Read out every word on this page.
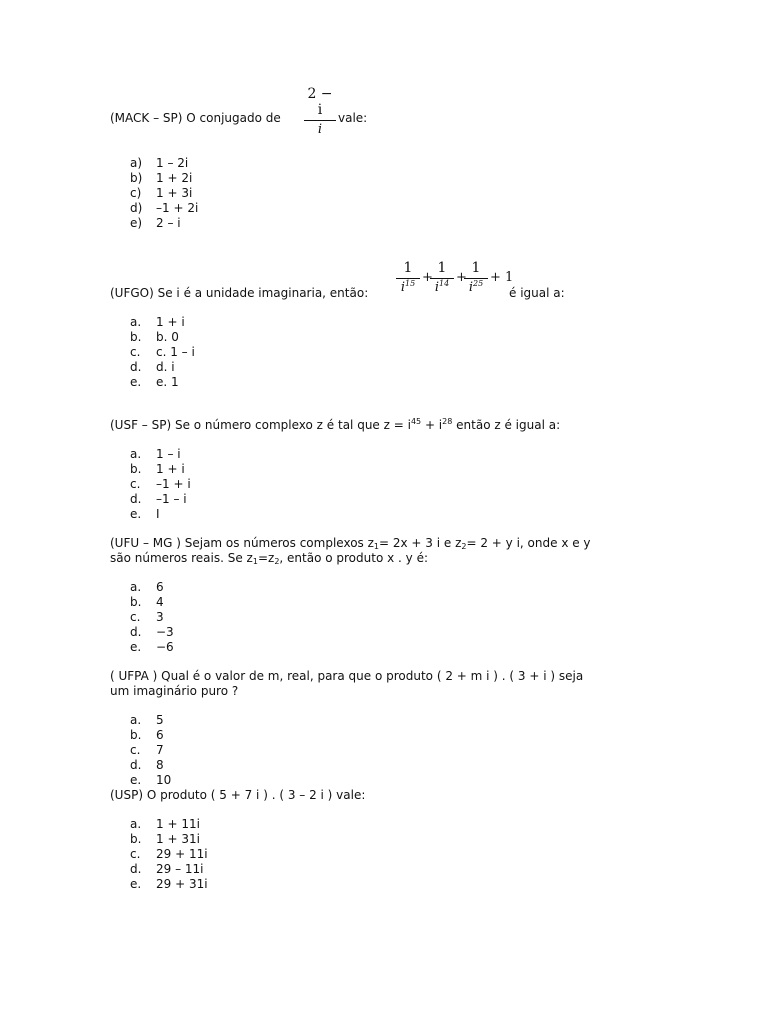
(MACK – SP) O conjugado de
2 − i
i
vale:
a) 1 – 2i
b) 1 + 2i
c) 1 + 3i
d) –1 + 2i
e) 2 – i
(UFGO) Se i é a unidade imaginaria, então:
1
$i^{15}$ +
1
$i^{14}$ +
1
$i^{25} + 1$
é igual a:
a. 1 + i
b. b. 0
c. c. 1 – i
d. d. i
e. e. 1
(USF – SP) Se o número complexo z é tal que $z = i^{45} + i^{28}$ então z é igual a:
a. 1 – i
b. 1 + i
c. –1 + i
d. –1 – i
e. I
(UFU – MG ) Sejam os números complexos $z_1= 2x + 3$ i e $z_2= 2 + y$ i, onde x e y
são números reais. Se $z_1=z_2$, então o produto x . y é:
a. 6
b. 4
c. 3
d. −3
e. −6
( UFPA ) Qual é o valor de m, real, para que o produto ( 2 + m i ) . ( 3 + i ) seja
um imaginário puro ?
a. 5
b. 6
c. 7
d. 8
e. 10
(USP) O produto ( 5 + 7 i ) . ( 3 – 2 i ) vale:
a. 1 + 11i
b. 1 + 31i
c. 29 + 11i
d. 29 – 11i
e. 29 + 31i
